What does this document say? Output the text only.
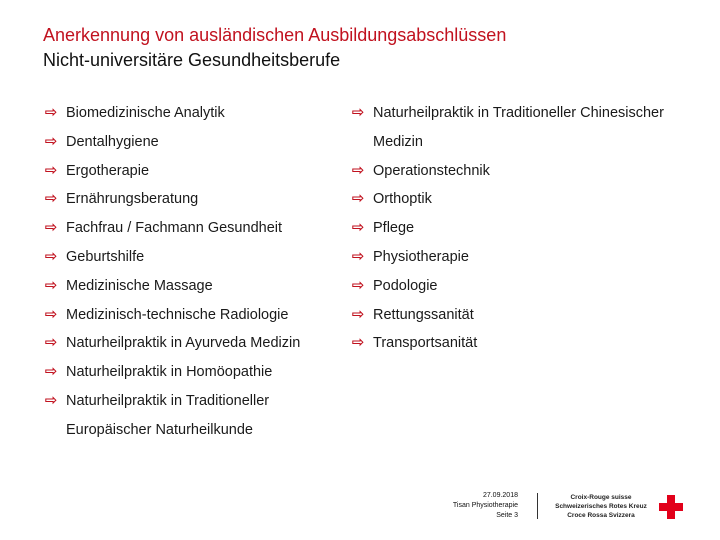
Anerkennung von ausländischen Ausbildungsabschlüssen
Nicht-universitäre Gesundheitsberufe
⇨ Biomedizinische Analytik
⇨ Dentalhygiene
⇨ Ergotherapie
⇨ Ernährungsberatung
⇨ Fachfrau / Fachmann Gesundheit
⇨ Geburtshilfe
⇨ Medizinische Massage
⇨ Medizinisch-technische Radiologie
⇨ Naturheilpraktik in Ayurveda Medizin
⇨ Naturheilpraktik in Homöopathie
⇨ Naturheilpraktik in Traditioneller
Europäischer Naturheilkunde
⇨ Naturheilpraktik in Traditioneller Chinesischer
Medizin
⇨ Operationstechnik
⇨ Orthoptik
⇨ Pflege
⇨ Physiotherapie
⇨ Podologie
⇨ Rettungssanität
⇨ Transportsanität
27.09.2018
Tisan Physiotherapie
Seite 3
Croix-Rouge suisse
Schweizerisches Rotes Kreuz
Croce Rossa Svizzera
